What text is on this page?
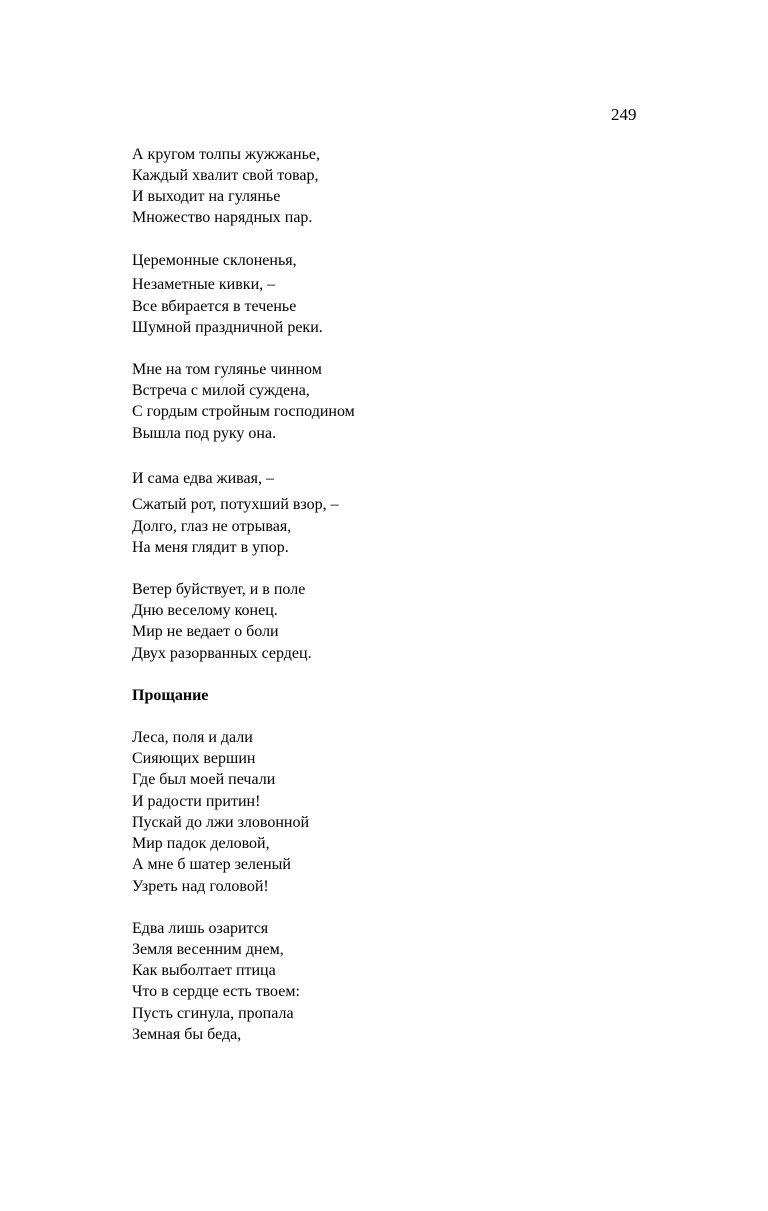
249
А кругом толпы жужжанье,
Каждый хвалит свой товар,
И выходит на гулянье
Множество нарядных пар.
Церемонные склоненья,
Незаметные кивки, –
Все вбирается в теченье
Шумной праздничной реки.
Мне на том гулянье чинном
Встреча с милой суждена,
С гордым стройным господином
Вышла под руку она.
И сама едва живая, –
Сжатый рот, потухший взор, –
Долго, глаз не отрывая,
На меня глядит в упор.
Ветер буйствует, и в поле
Дню веселому конец.
Мир не ведает о боли
Двух разорванных сердец.
Прощание
Леса, поля и дали
Сияющих вершин
Где был моей печали
И радости притин!
Пускай до лжи зловонной
Мир падок деловой,
А мне б шатер зеленый
Узреть над головой!
Едва лишь озарится
Земля весенним днем,
Как выболтает птица
Что в сердце есть твоем:
Пусть сгинула, пропала
Земная бы беда,
